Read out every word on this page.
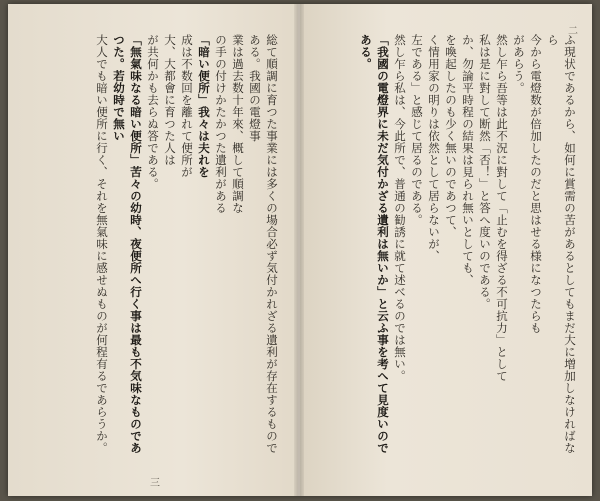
総て順調に育つた事業には多くの場合必ず気付かれざる遺利が存在するものである。我國の電燈事
業は過去数十年來、概して順調な
の手の付けかたかつた遺利がある
「暗い便所」我々は夫れを
成は不数回を離れて便所が
大、大都會に育つた人は
が共何かも去らぬ答である。
「無氣味なる暗い便所」苦々の幼時、夜便所へ行く事は最も不気味なものであつた。若幼時で無い
大人でも暗い便所に行く、それを無氣味に感せぬものが何程有るであらうか。
三
ふ現状であるから、如何に賞需の苦があるとしてもまだ大に増加しなければなら
今から電燈数が倍加したのだと思はせる様になつたらも
があらう。
然し乍ら吾等は此不況に對して「止むを得ざる不可抗力」として
私は是に對して断然「否！」と答へ度いのである。
か、勿論平時程の結果は見られ無いとしても、
を喚起したのも少く無いのであつて、
く情用家の明りは依然として居らないが、
左である」と感じて居るのである。
然し乍ら私は、今此所で、普通の勧誘に就て述べるのでは無い。
「我國の電燈界に未だ気付かざる遺利は無いか」と云ふ事を考へて見度いのである。
二
